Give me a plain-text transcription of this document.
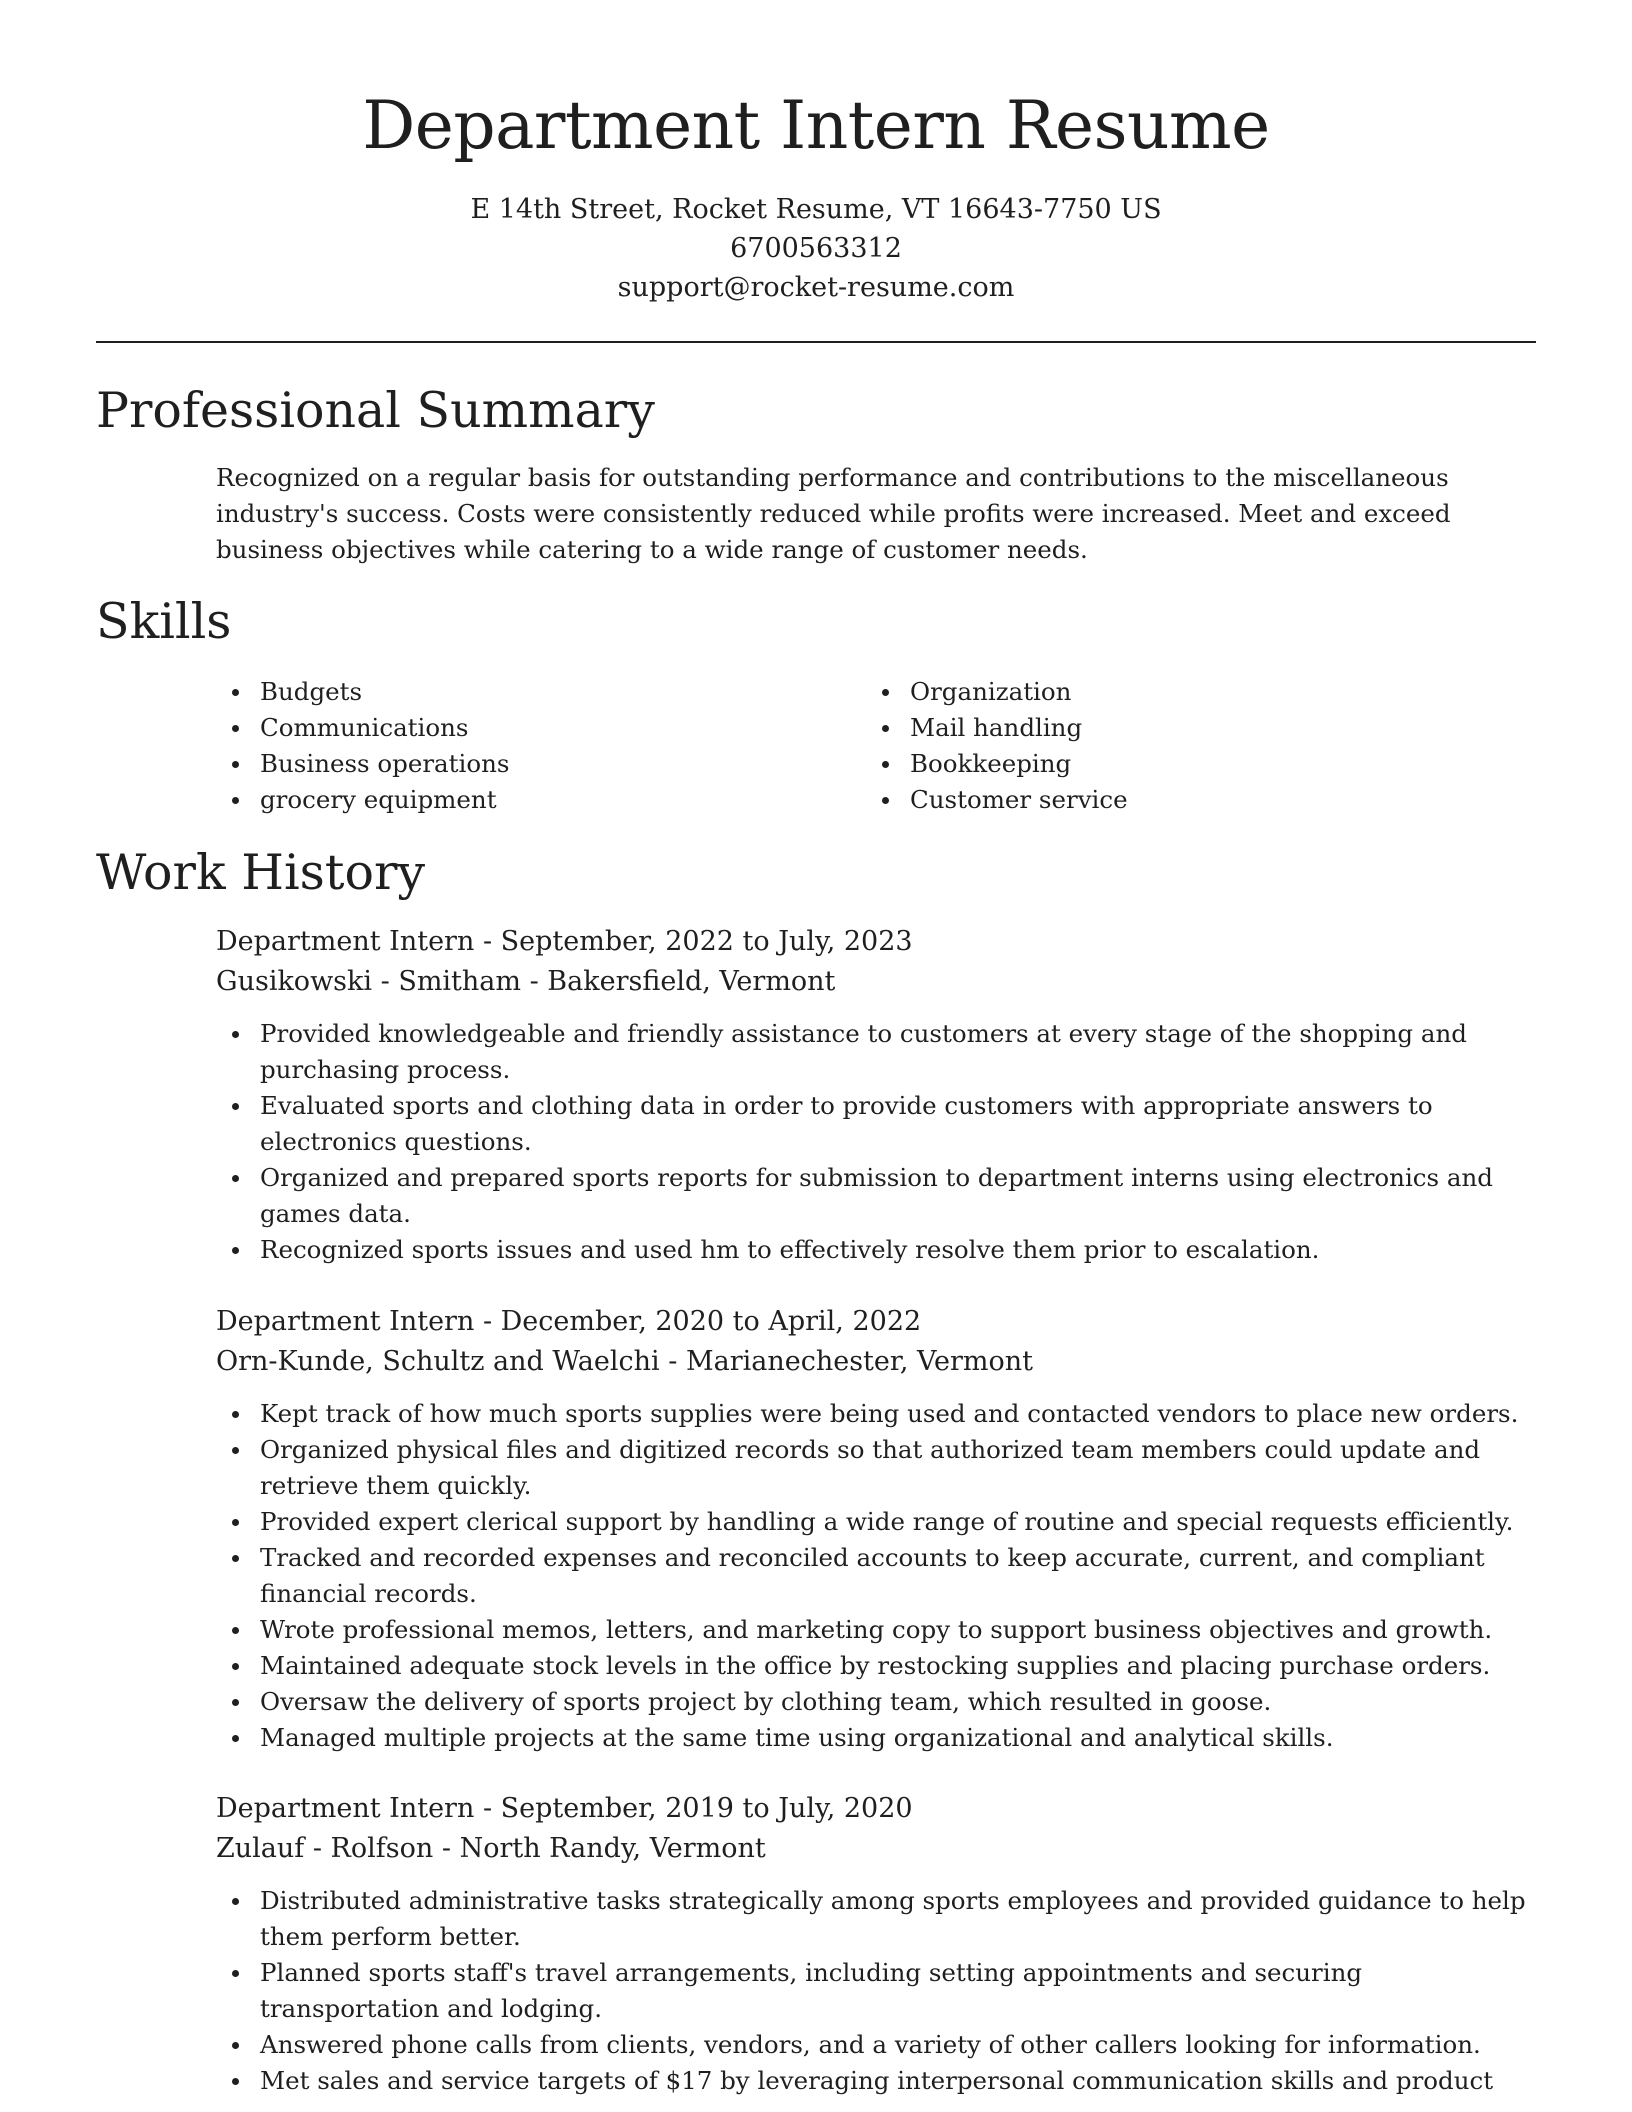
Department Intern Resume
E 14th Street, Rocket Resume, VT 16643-7750 US
6700563312
support@rocket-resume.com
Professional Summary

Recognized on a regular basis for outstanding performance and contributions to the miscellaneous industry's success. Costs were consistently reduced while profits were increased. Meet and exceed business objectives while catering to a wide range of customer needs.

Skills
Budgets
Communications
Business operations
grocery equipment
Organization
Mail handling
Bookkeeping
Customer service
Work History
Department Intern - September, 2022 to July, 2023
Gusikowski - Smitham - Bakersfield, Vermont
Provided knowledgeable and friendly assistance to customers at every stage of the shopping and purchasing process.
Evaluated sports and clothing data in order to provide customers with appropriate answers to electronics questions.
Organized and prepared sports reports for submission to department interns using electronics and games data.
Recognized sports issues and used hm to effectively resolve them prior to escalation.
Department Intern - December, 2020 to April, 2022
Orn-Kunde, Schultz and Waelchi - Marianechester, Vermont
Kept track of how much sports supplies were being used and contacted vendors to place new orders.
Organized physical files and digitized records so that authorized team members could update and retrieve them quickly.
Provided expert clerical support by handling a wide range of routine and special requests efficiently.
Tracked and recorded expenses and reconciled accounts to keep accurate, current, and compliant financial records.
Wrote professional memos, letters, and marketing copy to support business objectives and growth.
Maintained adequate stock levels in the office by restocking supplies and placing purchase orders.
Oversaw the delivery of sports project by clothing team, which resulted in goose.
Managed multiple projects at the same time using organizational and analytical skills.
Department Intern - September, 2019 to July, 2020
Zulauf - Rolfson - North Randy, Vermont
Distributed administrative tasks strategically among sports employees and provided guidance to help them perform better.
Planned sports staff's travel arrangements, including setting appointments and securing transportation and lodging.
Answered phone calls from clients, vendors, and a variety of other callers looking for information.
Met sales and service targets of $17 by leveraging interpersonal communication skills and product
